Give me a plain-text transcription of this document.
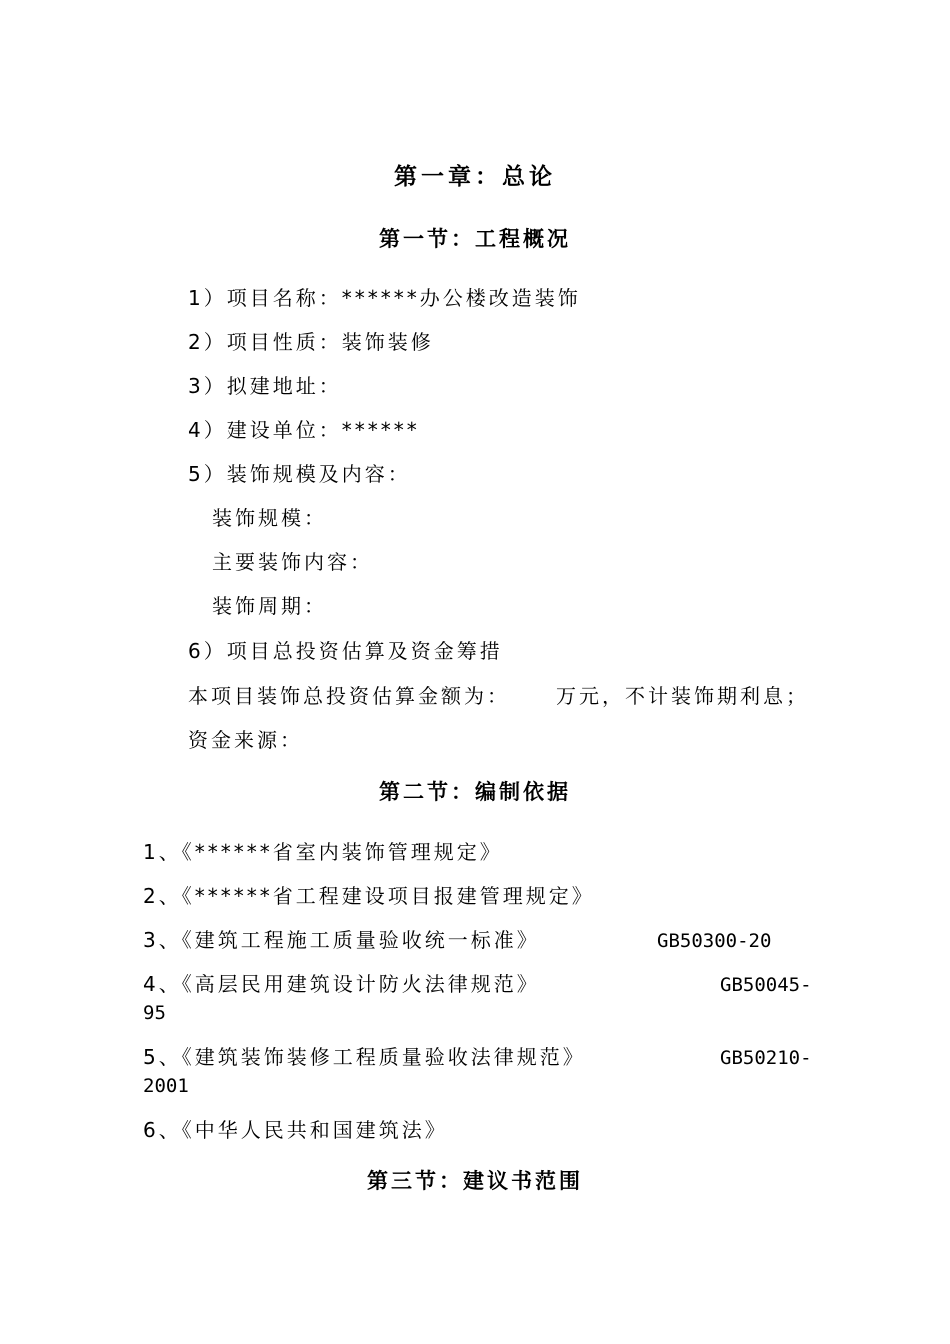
第一章：总论
第一节：工程概况
1）项目名称：******办公楼改造装饰
2）项目性质：装饰装修
3）拟建地址：
4）建设单位：******
5）装饰规模及内容：
装饰规模：
主要装饰内容：
装饰周期：
6）项目总投资估算及资金筹措
本项目装饰总投资估算金额为： 万元，不计装饰期利息；
资金来源：
第二节：编制依据
1、《******省室内装饰管理规定》
2、《******省工程建设项目报建管理规定》
3、《建筑工程施工质量验收统一标准》	GB50300-20
4、《高层民用建筑设计防火法律规范》	GB50045-
95
5、《建筑装饰装修工程质量验收法律规范》	GB50210-
2001
6、《中华人民共和国建筑法》
第三节：建议书范围
